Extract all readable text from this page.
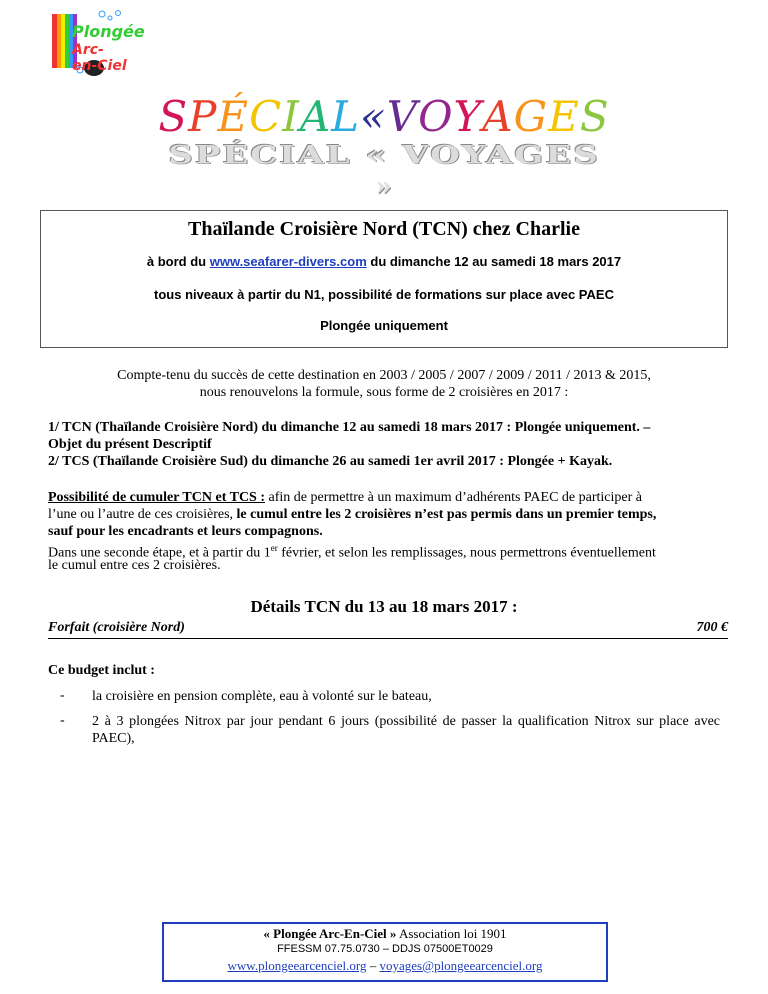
Plongée
Arc-en-Ciel
SPÉCIAL«VOYAGES
SPÉCIAL « VOYAGES
»
Thaïlande Croisière Nord (TCN) chez Charlie
à bord du www.seafarer-divers.com du dimanche 12 au samedi 18 mars 2017
tous niveaux à partir du N1, possibilité de formations sur place avec PAEC
Plongée uniquement
Compte-tenu du succès de cette destination en 2003 / 2005 / 2007 / 2009 / 2011 / 2013 & 2015,
nous renouvelons la formule, sous forme de 2 croisières en 2017 :
1/ TCN (Thaïlande Croisière Nord) du dimanche 12 au samedi 18 mars 2017 : Plongée uniquement. –
Objet du présent Descriptif
2/ TCS (Thaïlande Croisière Sud) du dimanche 26 au samedi 1er avril 2017 : Plongée + Kayak.
Possibilité de cumuler TCN et TCS : afin de permettre à un maximum d’adhérents PAEC de participer à
l’une ou l’autre de ces croisières, le cumul entre les 2 croisières n’est pas permis dans un premier temps,
sauf pour les encadrants et leurs compagnons.
Dans une seconde étape, et à partir du 1er février, et selon les remplissages, nous permettrons éventuellement
le cumul entre ces 2 croisières.
Détails TCN du 13 au 18 mars 2017 :
Forfait (croisière Nord)	700 €
Ce budget inclut :
- la croisière en pension complète, eau à volonté sur le bateau,
- 2 à 3 plongées Nitrox par jour pendant 6 jours (possibilité de passer la qualification Nitrox sur place avec PAEC),
« Plongée Arc-En-Ciel » Association loi 1901
FFESSM 07.75.0730 – DDJS 07500ET0029
www.plongeearcenciel.org – voyages@plongeearcenciel.org
